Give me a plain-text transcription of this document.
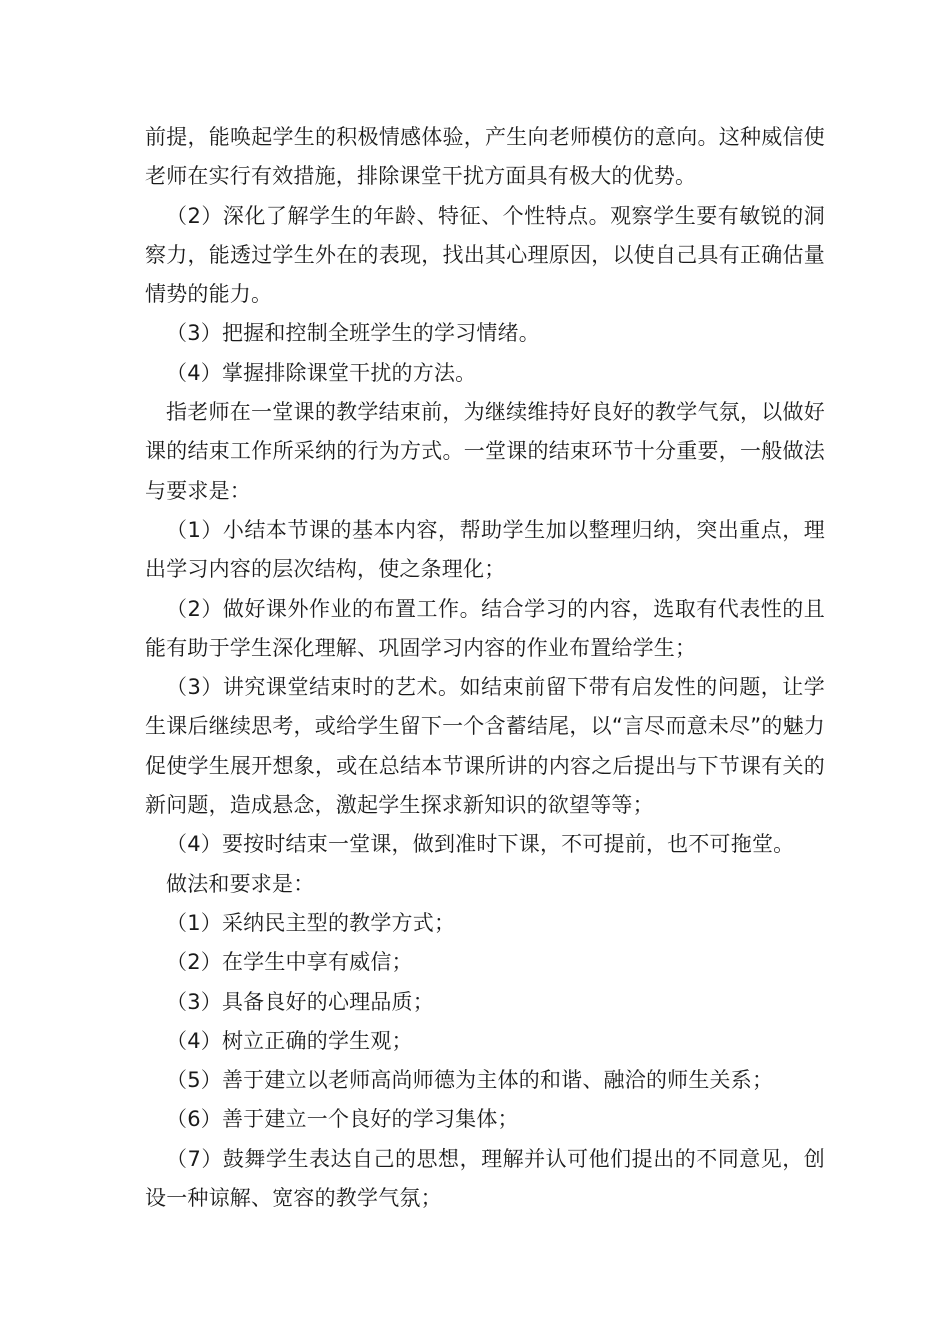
前提，能唤起学生的积极情感体验，产生向老师模仿的意向。这种威信使老师在实行有效措施，排除课堂干扰方面具有极大的优势。

（2）深化了解学生的年龄、特征、个性特点。观察学生要有敏锐的洞察力，能透过学生外在的表现，找出其心理原因，以使自己具有正确估量情势的能力。

（3）把握和控制全班学生的学习情绪。

（4）掌握排除课堂干扰的方法。

指老师在一堂课的教学结束前，为继续维持好良好的教学气氛，以做好课的结束工作所采纳的行为方式。一堂课的结束环节十分重要，一般做法与要求是：

（1）小结本节课的基本内容，帮助学生加以整理归纳，突出重点，理出学习内容的层次结构，使之条理化；

（2）做好课外作业的布置工作。结合学习的内容，选取有代表性的且能有助于学生深化理解、巩固学习内容的作业布置给学生；

（3）讲究课堂结束时的艺术。如结束前留下带有启发性的问题，让学生课后继续思考，或给学生留下一个含蓄结尾，以“言尽而意未尽”的魅力促使学生展开想象，或在总结本节课所讲的内容之后提出与下节课有关的新问题，造成悬念，激起学生探求新知识的欲望等等；

（4）要按时结束一堂课，做到准时下课，不可提前，也不可拖堂。

做法和要求是：

（1）采纳民主型的教学方式；

（2）在学生中享有威信；

（3）具备良好的心理品质；

（4）树立正确的学生观；

（5）善于建立以老师高尚师德为主体的和谐、融洽的师生关系；

（6）善于建立一个良好的学习集体；

（7）鼓舞学生表达自己的思想，理解并认可他们提出的不同意见，创设一种谅解、宽容的教学气氛；
